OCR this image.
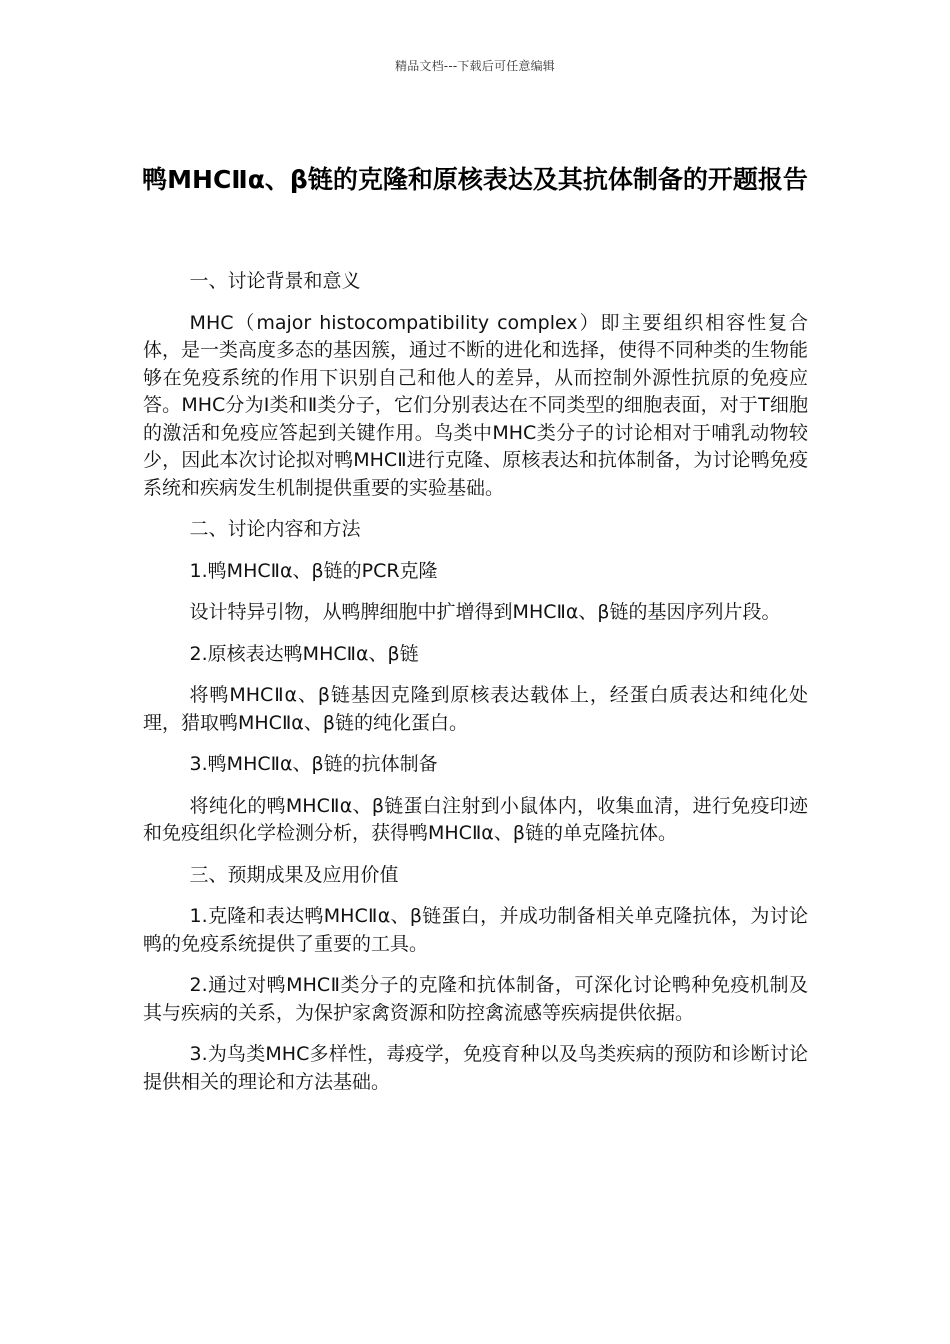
精品文档---下载后可任意编辑
鸭MHCⅡα、β链的克隆和原核表达及其抗体制备的开题报告

一、讨论背景和意义

MHC（major histocompatibility complex）即主要组织相容性复合体，是一类高度多态的基因簇，通过不断的进化和选择，使得不同种类的生物能够在免疫系统的作用下识别自己和他人的差异，从而控制外源性抗原的免疫应答。MHC分为Ⅰ类和Ⅱ类分子，它们分别表达在不同类型的细胞表面，对于T细胞的激活和免疫应答起到关键作用。鸟类中MHC类分子的讨论相对于哺乳动物较少，因此本次讨论拟对鸭MHCⅡ进行克隆、原核表达和抗体制备，为讨论鸭免疫系统和疾病发生机制提供重要的实验基础。

二、讨论内容和方法

1.鸭MHCⅡα、β链的PCR克隆

设计特异引物，从鸭脾细胞中扩增得到MHCⅡα、β链的基因序列片段。

2.原核表达鸭MHCⅡα、β链

将鸭MHCⅡα、β链基因克隆到原核表达载体上，经蛋白质表达和纯化处理，猎取鸭MHCⅡα、β链的纯化蛋白。

3.鸭MHCⅡα、β链的抗体制备

将纯化的鸭MHCⅡα、β链蛋白注射到小鼠体内，收集血清，进行免疫印迹和免疫组织化学检测分析，获得鸭MHCⅡα、β链的单克隆抗体。

三、预期成果及应用价值

1.克隆和表达鸭MHCⅡα、β链蛋白，并成功制备相关单克隆抗体，为讨论鸭的免疫系统提供了重要的工具。

2.通过对鸭MHCⅡ类分子的克隆和抗体制备，可深化讨论鸭种免疫机制及其与疾病的关系，为保护家禽资源和防控禽流感等疾病提供依据。

3.为鸟类MHC多样性，毒疫学，免疫育种以及鸟类疾病的预防和诊断讨论提供相关的理论和方法基础。
